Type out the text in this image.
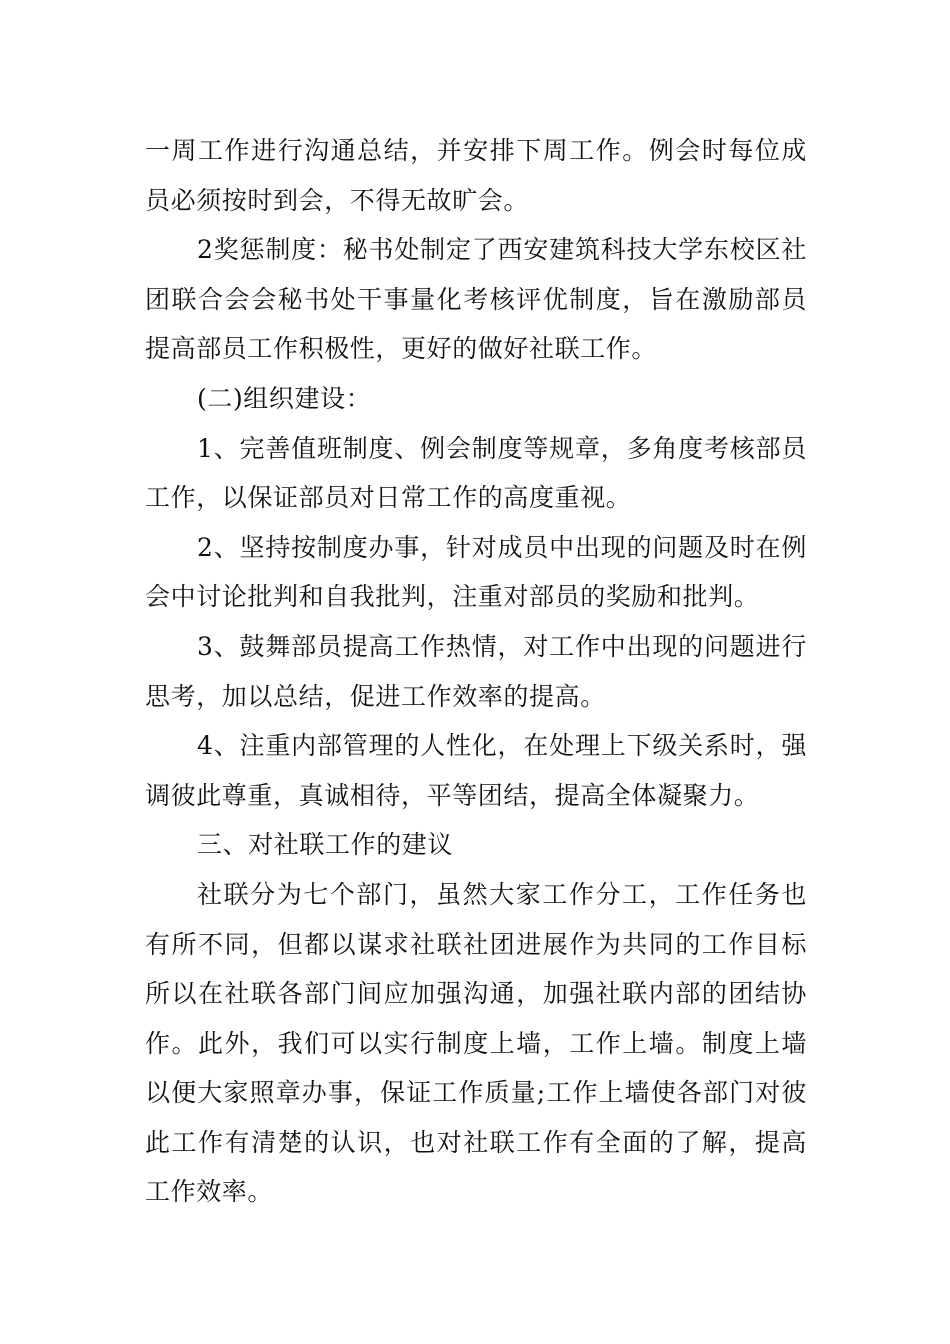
一周工作进行沟通总结，并安排下周工作。例会时每位成员必须按时到会，不得无故旷会。

2奖惩制度：秘书处制定了西安建筑科技大学东校区社团联合会会秘书处干事量化考核评优制度，旨在激励部员提高部员工作积极性，更好的做好社联工作。

(二)组织建设：

1、完善值班制度、例会制度等规章，多角度考核部员工作，以保证部员对日常工作的高度重视。

2、坚持按制度办事，针对成员中出现的问题及时在例会中讨论批判和自我批判，注重对部员的奖励和批判。

3、鼓舞部员提高工作热情，对工作中出现的问题进行思考，加以总结，促进工作效率的提高。

4、注重内部管理的人性化，在处理上下级关系时，强调彼此尊重，真诚相待，平等团结，提高全体凝聚力。

三、对社联工作的建议

社联分为七个部门，虽然大家工作分工，工作任务也有所不同，但都以谋求社联社团进展作为共同的工作目标所以在社联各部门间应加强沟通，加强社联内部的团结协作。此外，我们可以实行制度上墙，工作上墙。制度上墙以便大家照章办事，保证工作质量;工作上墙使各部门对彼此工作有清楚的认识，也对社联工作有全面的了解，提高工作效率。
